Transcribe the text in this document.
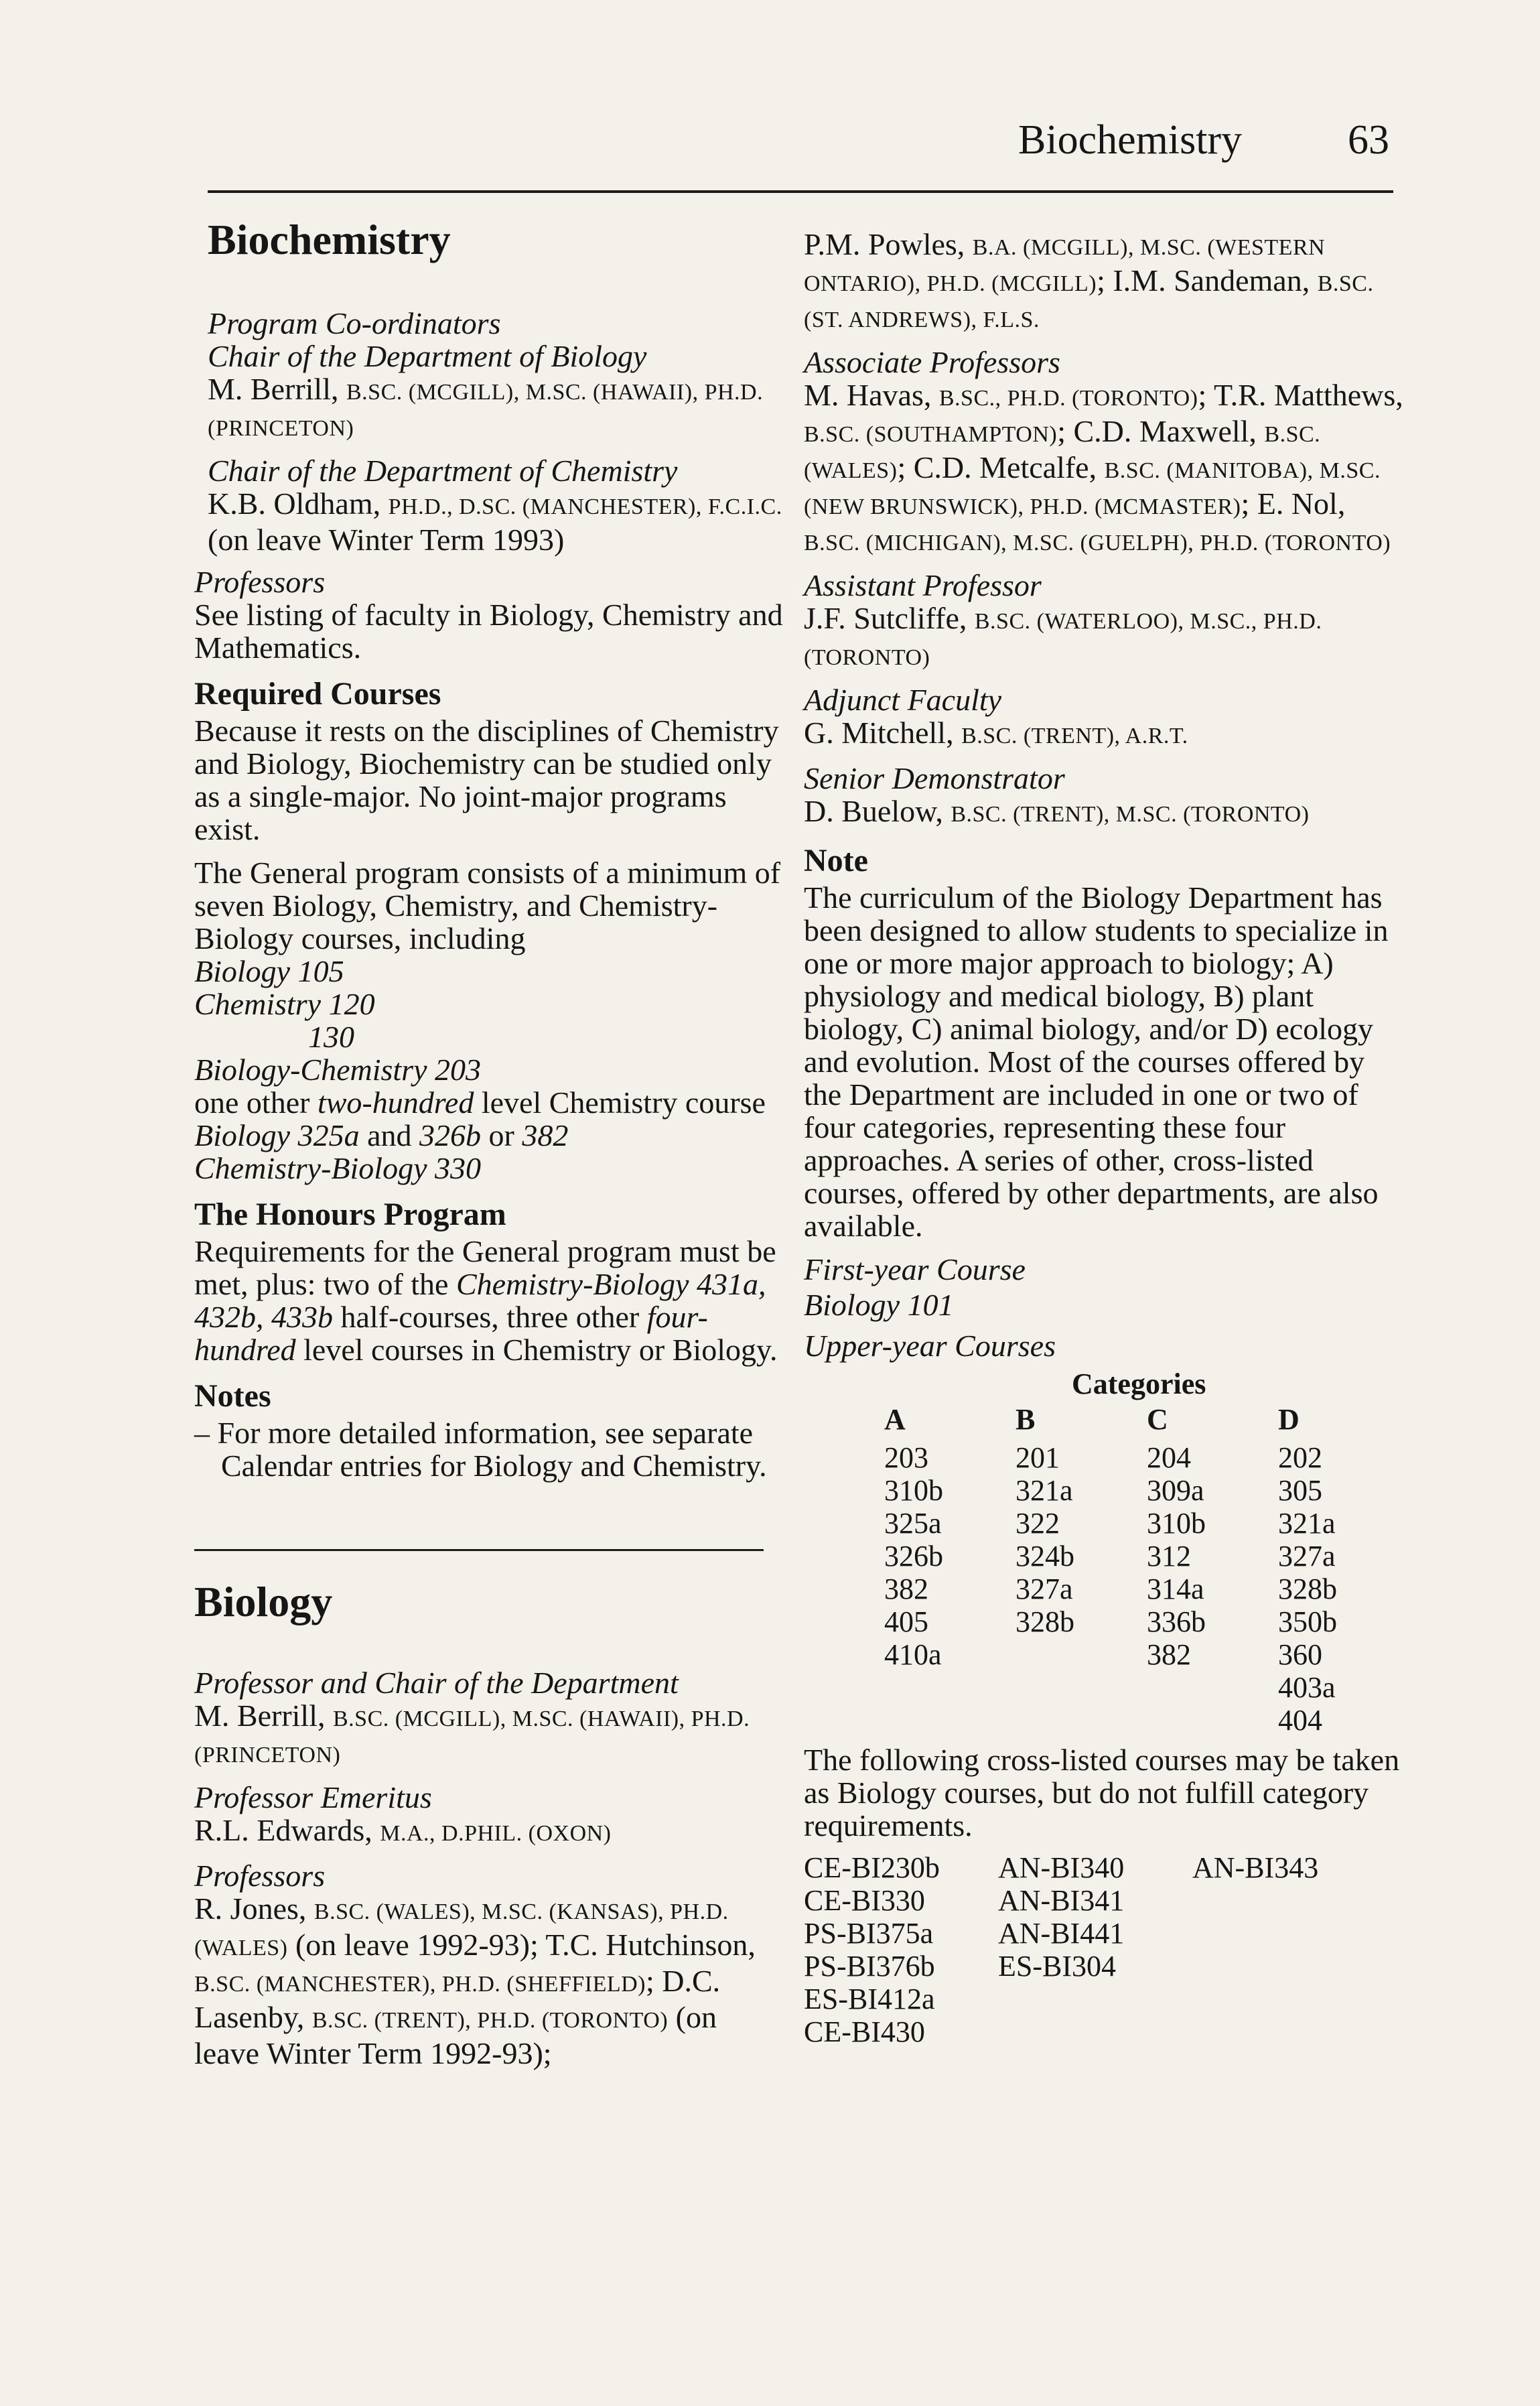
Biochemistry	63
Biochemistry
Program Co-ordinators
Chair of the Department of Biology
M. Berrill, B.SC. (MCGILL), M.SC. (HAWAII), PH.D. (PRINCETON)
Chair of the Department of Chemistry
K.B. Oldham, PH.D., D.SC. (MANCHESTER), F.C.I.C. (on leave Winter Term 1993)
Professors
See listing of faculty in Biology, Chemistry and Mathematics.
Required Courses
Because it rests on the disciplines of Chemistry and Biology, Biochemistry can be studied only as a single-major. No joint-major programs exist.
The General program consists of a minimum of seven Biology, Chemistry, and Chemistry-Biology courses, including
Biology 105
Chemistry 120
130
Biology-Chemistry 203
one other two-hundred level Chemistry course
Biology 325a and 326b or 382
Chemistry-Biology 330
The Honours Program
Requirements for the General program must be met, plus: two of the Chemistry-Biology 431a, 432b, 433b half-courses, three other four-hundred level courses in Chemistry or Biology.
Notes
– For more detailed information, see separate Calendar entries for Biology and Chemistry.
Biology
Professor and Chair of the Department
M. Berrill, B.SC. (MCGILL), M.SC. (HAWAII), PH.D. (PRINCETON)
Professor Emeritus
R.L. Edwards, M.A., D.PHIL. (OXON)
Professors
R. Jones, B.SC. (WALES), M.SC. (KANSAS), PH.D. (WALES) (on leave 1992-93); T.C. Hutchinson, B.SC. (MANCHESTER), PH.D. (SHEFFIELD); D.C. Lasenby, B.SC. (TRENT), PH.D. (TORONTO) (on leave Winter Term 1992-93);
P.M. Powles, B.A. (MCGILL), M.SC. (WESTERN ONTARIO), PH.D. (MCGILL); I.M. Sandeman, B.SC. (ST. ANDREWS), F.L.S.
Associate Professors
M. Havas, B.SC., PH.D. (TORONTO); T.R. Matthews, B.SC. (SOUTHAMPTON); C.D. Maxwell, B.SC. (WALES); C.D. Metcalfe, B.SC. (MANITOBA), M.SC. (NEW BRUNSWICK), PH.D. (MCMASTER); E. Nol, B.SC. (MICHIGAN), M.SC. (GUELPH), PH.D. (TORONTO)
Assistant Professor
J.F. Sutcliffe, B.SC. (WATERLOO), M.SC., PH.D. (TORONTO)
Adjunct Faculty
G. Mitchell, B.SC. (TRENT), A.R.T.
Senior Demonstrator
D. Buelow, B.SC. (TRENT), M.SC. (TORONTO)
Note
The curriculum of the Biology Department has been designed to allow students to specialize in one or more major approach to biology; A) physiology and medical biology, B) plant biology, C) animal biology, and/or D) ecology and evolution. Most of the courses offered by the Department are included in one or two of four categories, representing these four approaches. A series of other, cross-listed courses, offered by other departments, are also available.
First-year Course
Biology 101
Upper-year Courses
Categories
A	B	C	D
203	201	204	202
310b	321a	309a	305
325a	322	310b	321a
326b	324b	312	327a
382	327a	314a	328b
405	328b	336b	350b
410a		382	360
			403a
			404
The following cross-listed courses may be taken as Biology courses, but do not fulfill category requirements.
CE-BI230b	AN-BI340	AN-BI343
CE-BI330	AN-BI341	
PS-BI375a	AN-BI441	
PS-BI376b	ES-BI304	
ES-BI412a		
CE-BI430		
